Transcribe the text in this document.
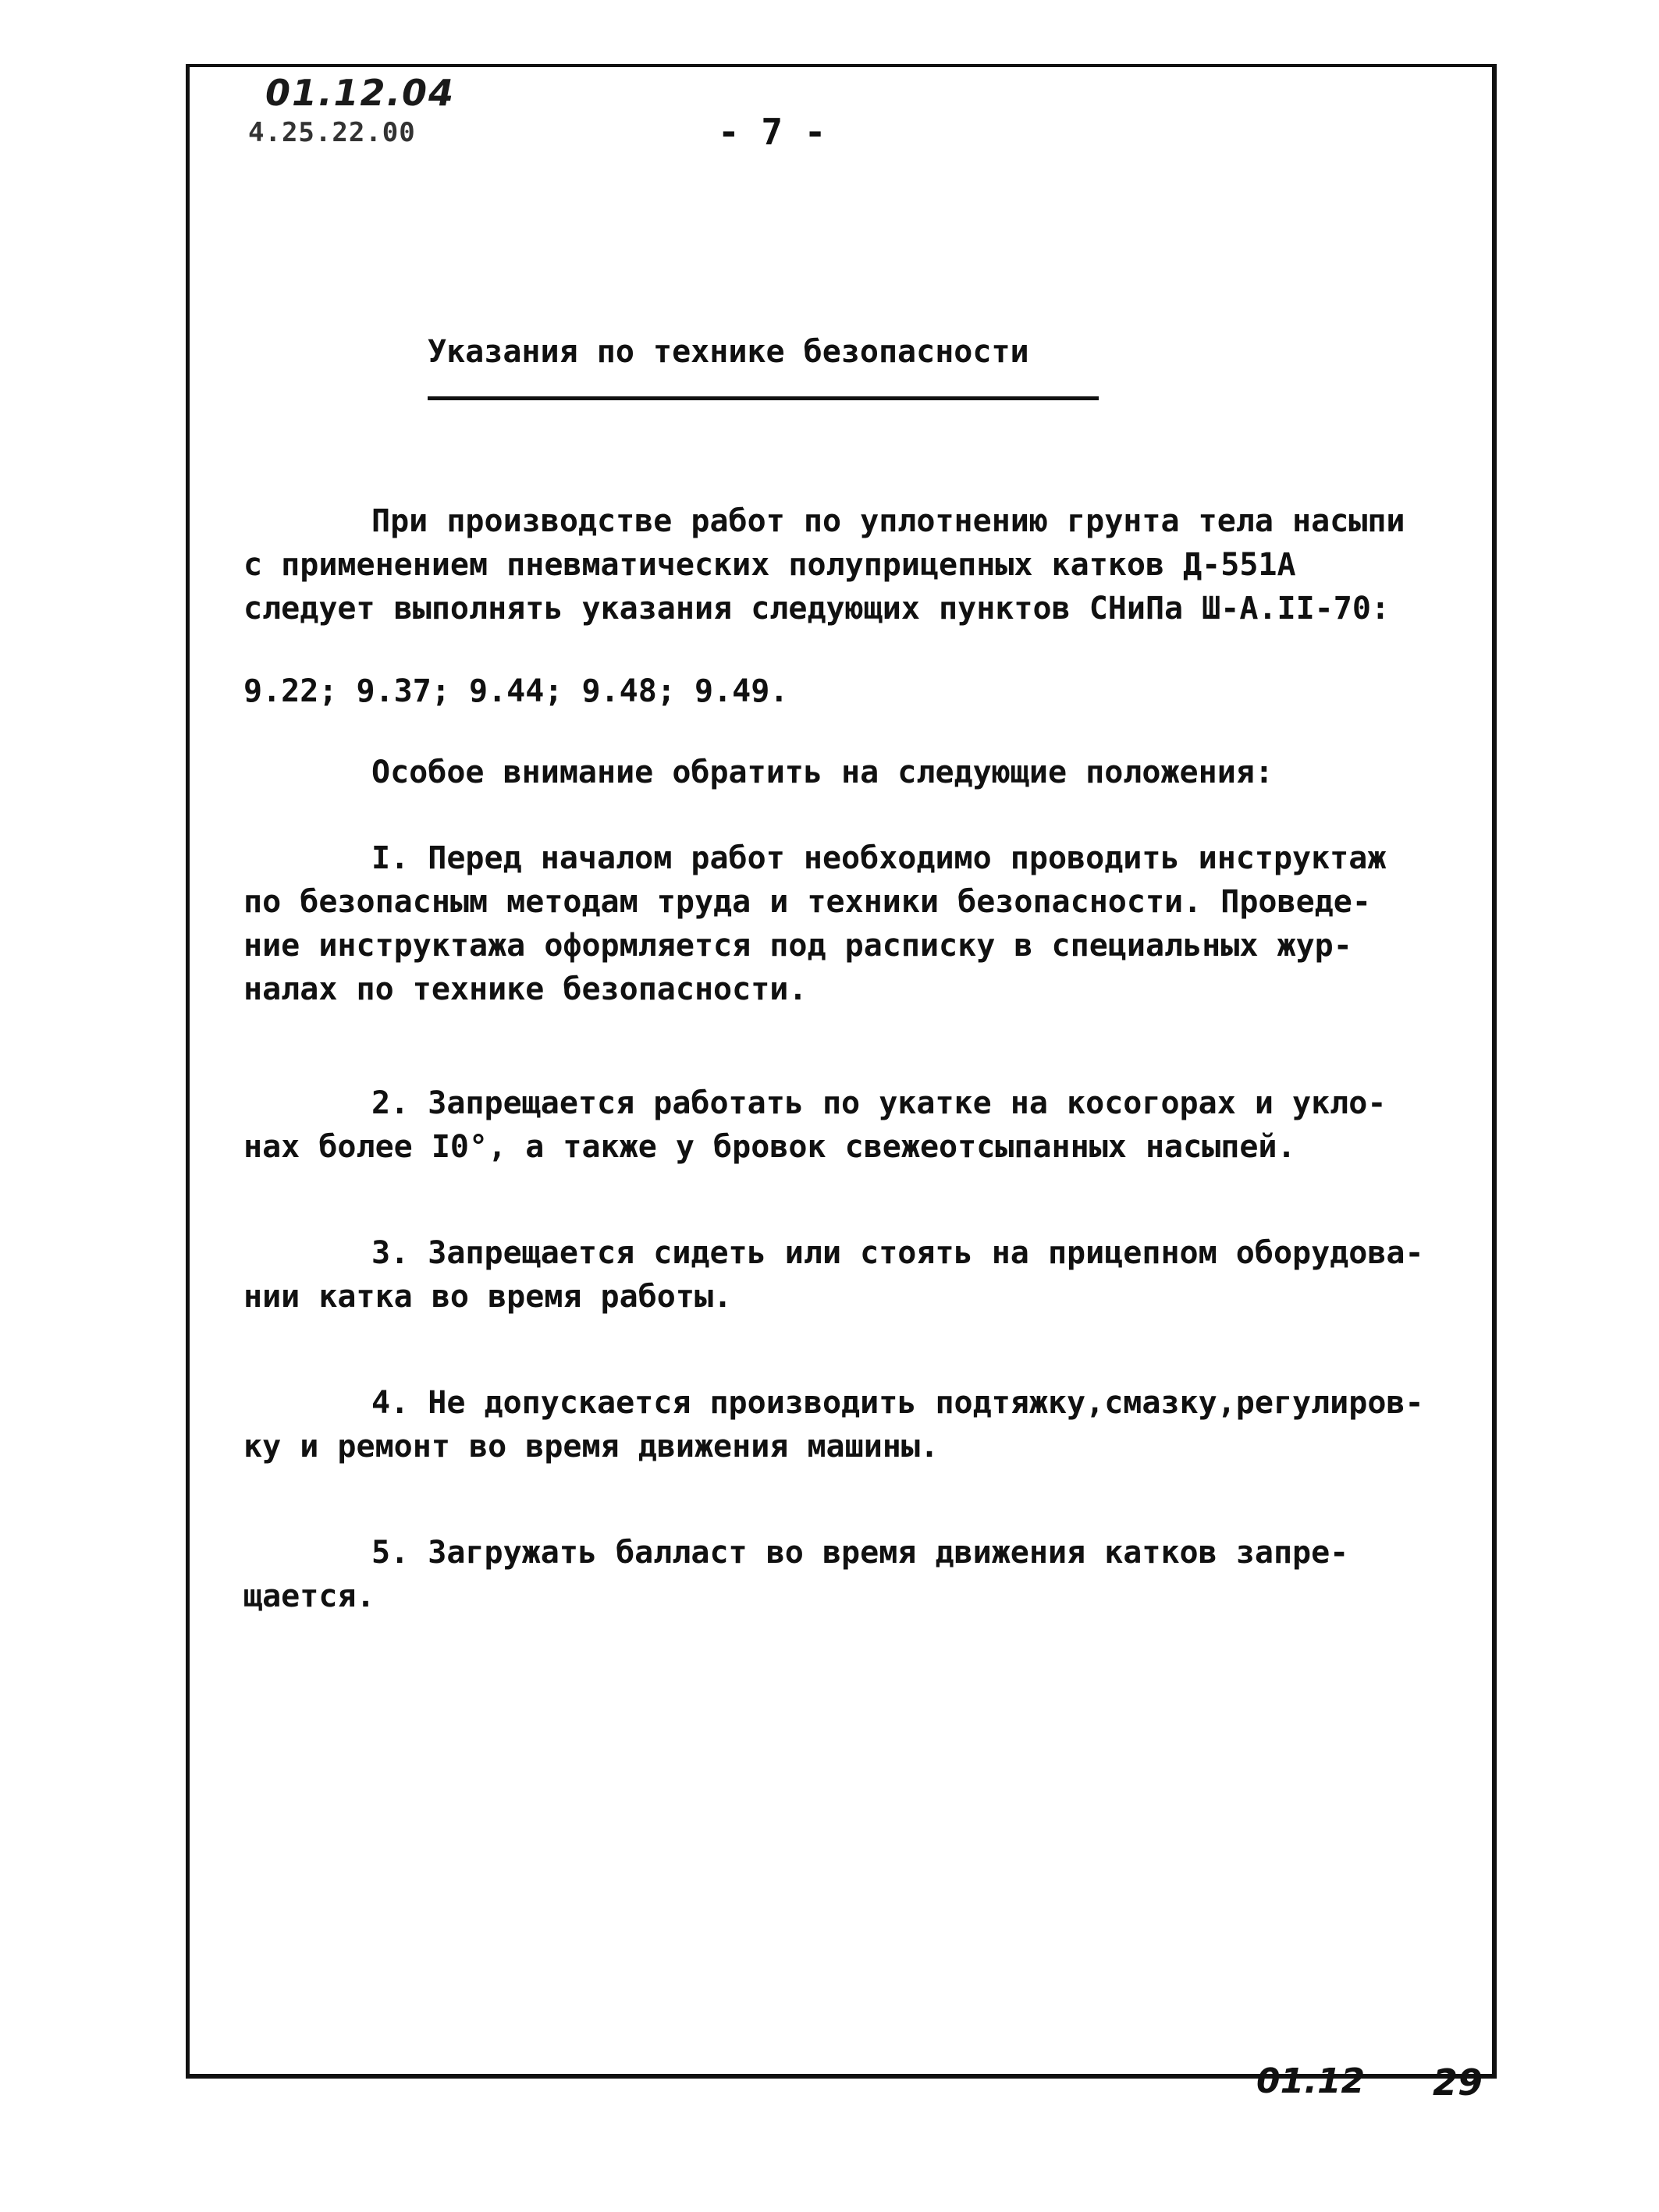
01.12.04
4.25.22.00	- 7 -
Указания по технике безопасности
При производстве работ по уплотнению грунта тела насыпи
с применением пневматических полуприцепных катков Д-551А
следует выполнять указания следующих пунктов СНиПа Ш-А.II-70:
9.22; 9.37; 9.44; 9.48; 9.49.
Особое внимание обратить на следующие положения:
I. Перед началом работ необходимо проводить инструктаж
по безопасным методам труда и техники безопасности. Проведе-
ние инструктажа оформляется под расписку в специальных жур-
налах по технике безопасности.
2. Запрещается работать по укатке на косогорах и укло-
нах более I0°, а также у бровок свежеотсыпанных насыпей.
3. Запрещается сидеть или стоять на прицепном оборудова-
нии катка во время работы.
4. Не допускается производить подтяжку,смазку,регулиров-
ку и ремонт во время движения машины.
5. Загружать балласт во время движения катков запре-
щается.
01.12 29
